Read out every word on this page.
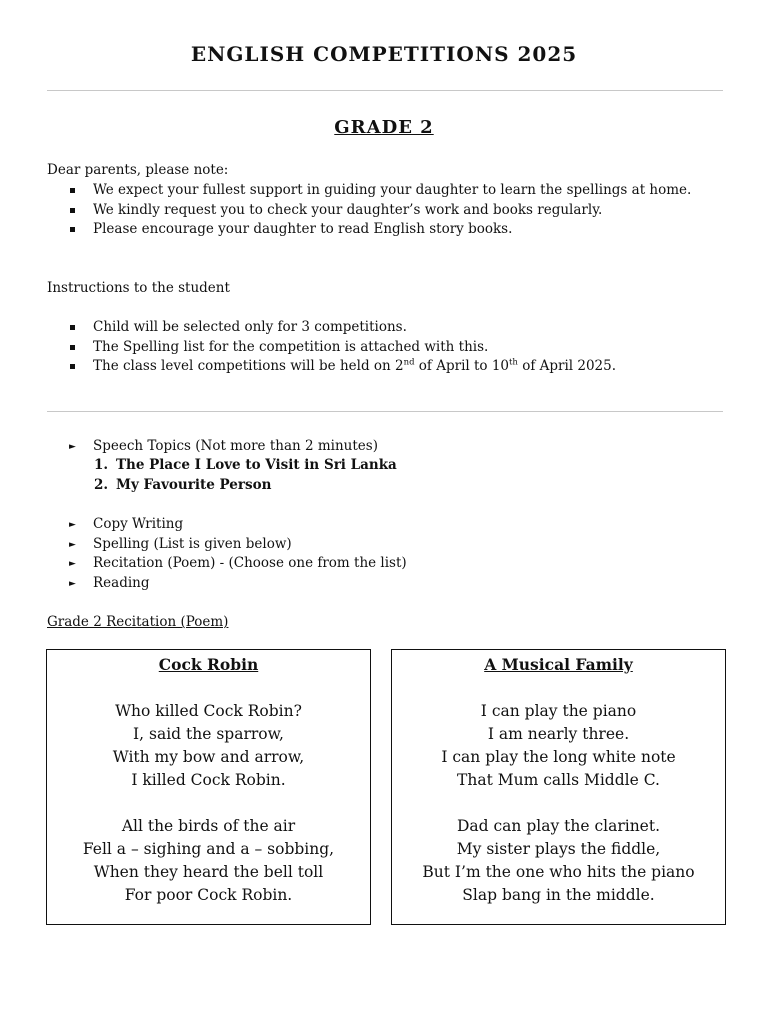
ENGLISH COMPETITIONS 2025
GRADE 2
Dear parents, please note:
We expect your fullest support in guiding your daughter to learn the spellings at home.
We kindly request you to check your daughter’s work and books regularly.
Please encourage your daughter to read English story books.
Instructions to the student
Child will be selected only for 3 competitions.
The Spelling list for the competition is attached with this.
The class level competitions will be held on 2nd of April to 10th of April 2025.
► Speech Topics (Not more than 2 minutes)
1. The Place I Love to Visit in Sri Lanka
2. My Favourite Person
► Copy Writing
► Spelling (List is given below)
► Recitation (Poem) - (Choose one from the list)
► Reading
Grade 2 Recitation (Poem)
Cock Robin
Who killed Cock Robin?
I, said the sparrow,
With my bow and arrow,
I killed Cock Robin.
All the birds of the air
Fell a – sighing and a – sobbing,
When they heard the bell toll
For poor Cock Robin.
A Musical Family
I can play the piano
I am nearly three.
I can play the long white note
That Mum calls Middle C.
Dad can play the clarinet.
My sister plays the fiddle,
But I’m the one who hits the piano
Slap bang in the middle.
